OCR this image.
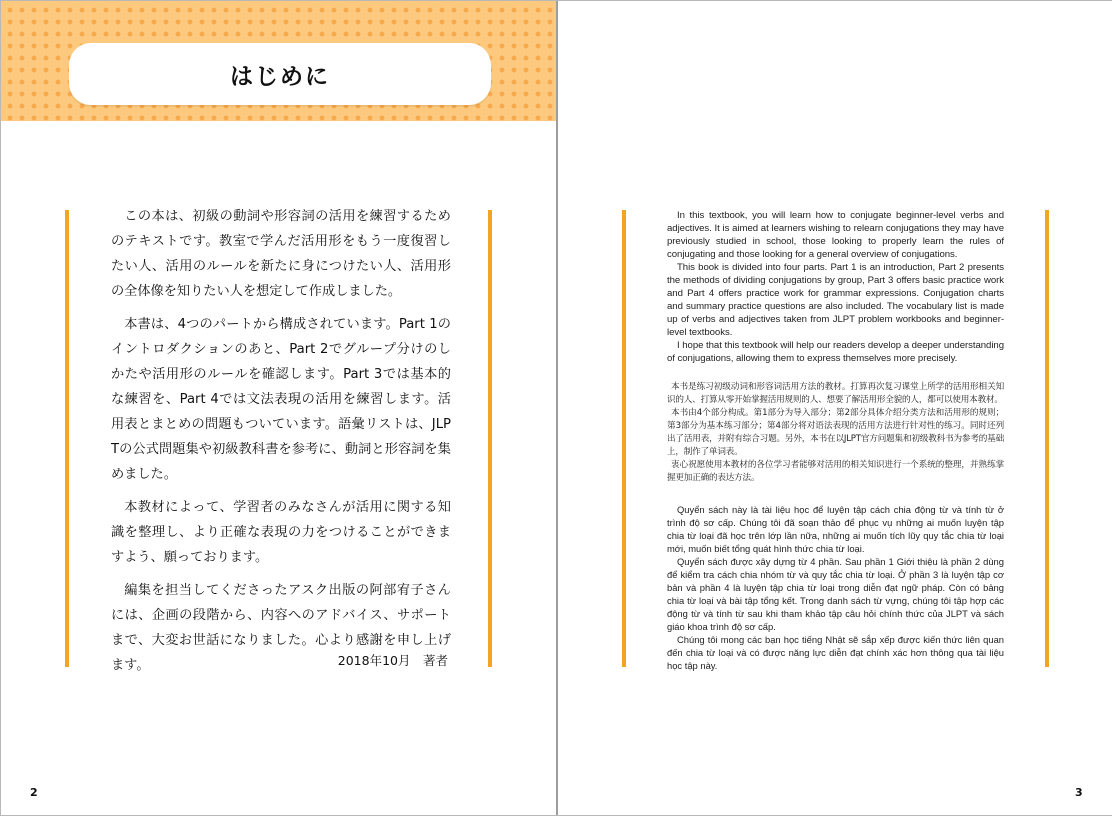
はじめに

この本は、初級の動詞や形容詞の活用を練習するためのテキストです。教室で学んだ活用形をもう一度復習したい人、活用のルールを新たに身につけたい人、活用形の全体像を知りたい人を想定して作成しました。

本書は、4つのパートから構成されています。Part 1のイントロダクションのあと、Part 2でグループ分けのしかたや活用形のルールを確認します。Part 3では基本的な練習を、Part 4では文法表現の活用を練習します。活用表とまとめの問題もついています。語彙リストは、JLPTの公式問題集や初級教科書を参考に、動詞と形容詞を集めました。

本教材によって、学習者のみなさんが活用に関する知識を整理し、より正確な表現の力をつけることができますよう、願っております。

編集を担当してくださったアスク出版の阿部宥子さんには、企画の段階から、内容へのアドバイス、サポートまで、大変お世話になりました。心より感謝を申し上げます。	2018年10月　著者
2

In this textbook, you will learn how to conjugate beginner-level verbs and adjectives. It is aimed at learners wishing to relearn conjugations they may have previously studied in school, those looking to properly learn the rules of conjugating and those looking for a general overview of conjugations.

This book is divided into four parts. Part 1 is an introduction, Part 2 presents the methods of dividing conjugations by group, Part 3 offers basic practice work and Part 4 offers practice work for grammar expressions. Conjugation charts and summary practice questions are also included. The vocabulary list is made up of verbs and adjectives taken from JLPT problem workbooks and beginner-level textbooks.

I hope that this textbook will help our readers develop a deeper understanding of conjugations, allowing them to express themselves more precisely.

本书是练习初级动词和形容词活用方法的教材。打算再次复习课堂上所学的活用形相关知识的人、打算从零开始掌握活用规则的人、想要了解活用形全貌的人，都可以使用本教材。

本书由4个部分构成。第1部分为导入部分；第2部分具体介绍分类方法和活用形的规则；第3部分为基本练习部分；第4部分将对语法表现的活用方法进行针对性的练习。同时还列出了活用表，并附有综合习题。另外，本书在以JLPT官方问题集和初级教科书为参考的基础上，制作了单词表。

衷心祝愿使用本教材的各位学习者能够对活用的相关知识进行一个系统的整理，并熟练掌握更加正确的表达方法。

Quyển sách này là tài liệu học để luyện tập cách chia động từ và tính từ ở trình độ sơ cấp. Chúng tôi đã soạn thảo để phục vụ những ai muốn luyện tập chia từ loại đã học trên lớp lần nữa, những ai muốn tích lũy quy tắc chia từ loại mới, muốn biết tổng quát hình thức chia từ loại.

Quyển sách được xây dựng từ 4 phần. Sau phần 1 Giới thiệu là phần 2 dùng để kiểm tra cách chia nhóm từ và quy tắc chia từ loại. Ở phần 3 là luyện tập cơ bản và phần 4 là luyện tập chia từ loại trong diễn đạt ngữ pháp. Còn có bảng chia từ loại và bài tập tổng kết. Trong danh sách từ vựng, chúng tôi tập hợp các động từ và tính từ sau khi tham khảo tập câu hỏi chính thức của JLPT và sách giáo khoa trình độ sơ cấp.

Chúng tôi mong các bạn học tiếng Nhật sẽ sắp xếp được kiến thức liên quan đến chia từ loại và có được năng lực diễn đạt chính xác hơn thông qua tài liệu học tập này.

3
